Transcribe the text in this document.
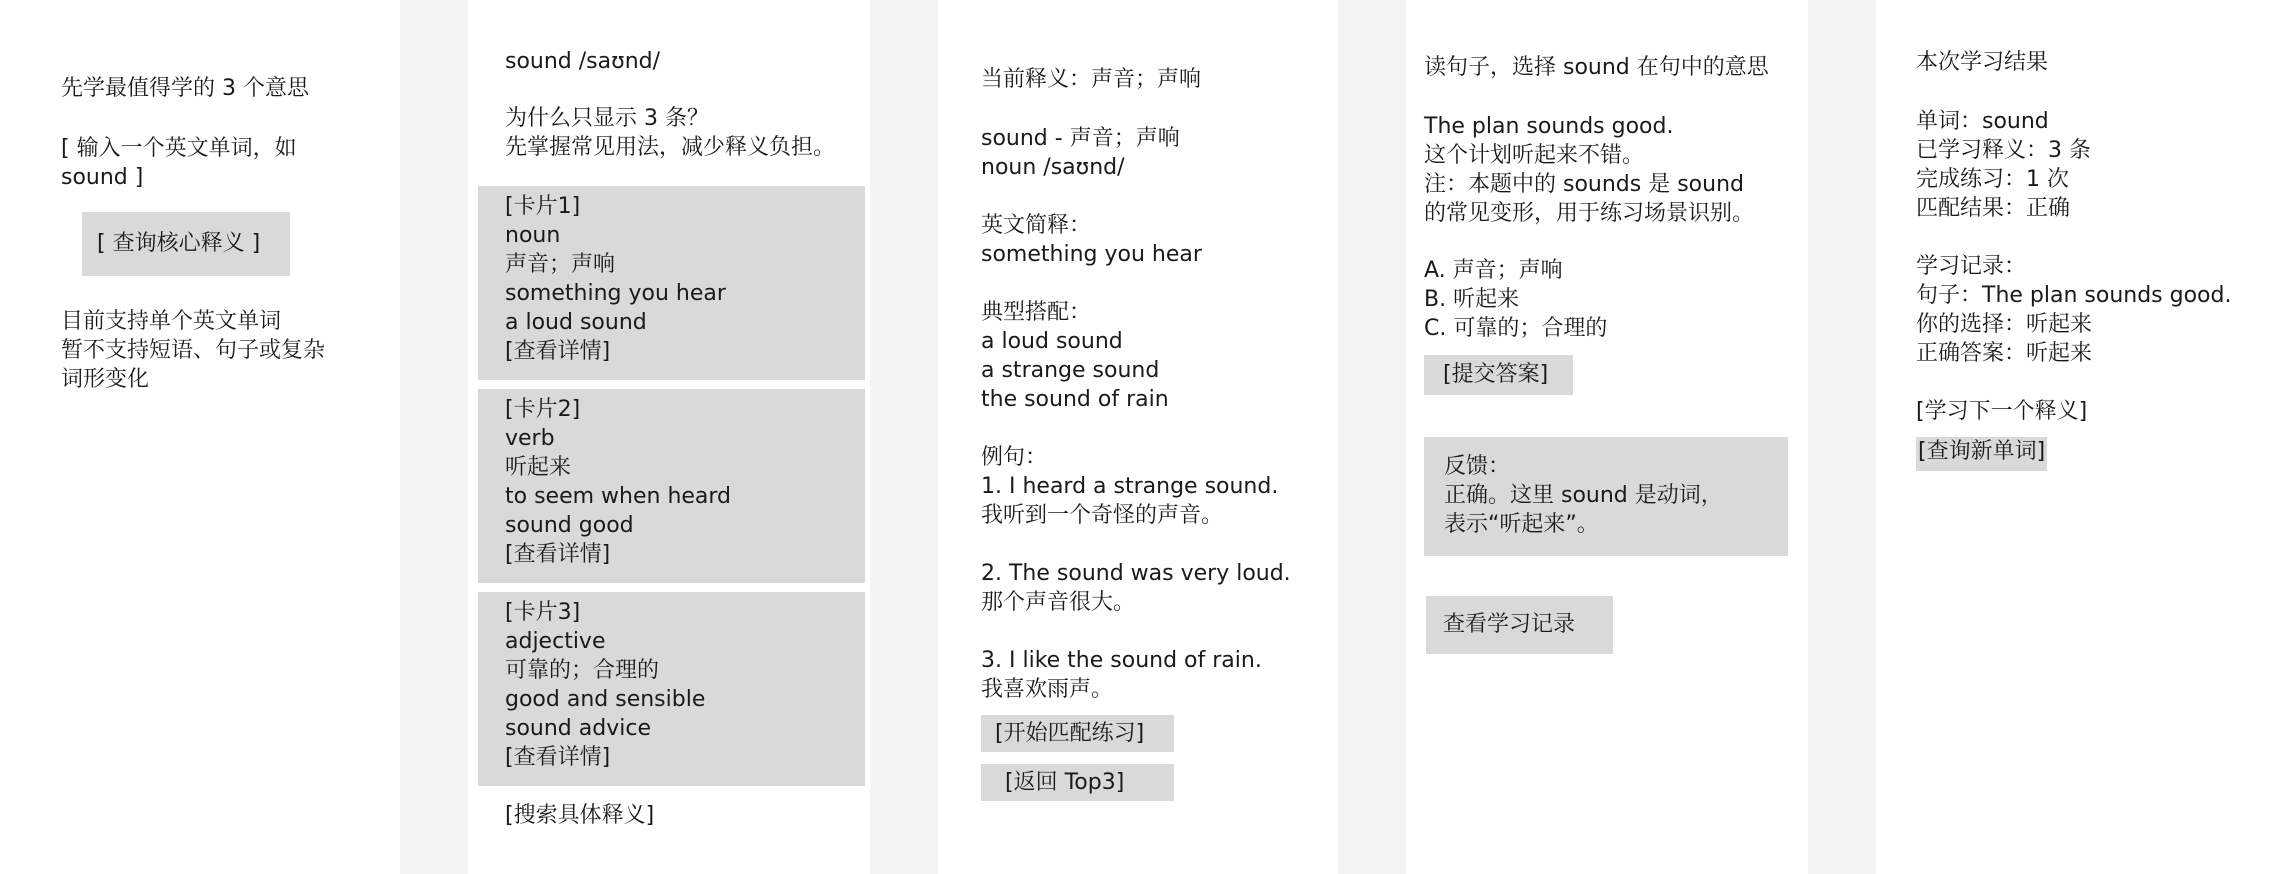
先学最值得学的 3 个意思
[ 输入一个英文单词，如
sound ]
[ 查询核心释义 ]
目前支持单个英文单词
暂不支持短语、句子或复杂
词形变化
sound /saʊnd/
为什么只显示 3 条？
先掌握常见用法，减少释义负担。
[卡片1]
noun
声音；声响
something you hear
a loud sound
[查看详情]
[卡片2]
verb
听起来
to seem when heard
sound good
[查看详情]
[卡片3]
adjective
可靠的；合理的
good and sensible
sound advice
[查看详情]
[搜索具体释义]
当前释义：声音；声响
sound - 声音；声响
noun /saʊnd/
英文简释：
something you hear
典型搭配：
a loud sound
a strange sound
the sound of rain
例句：
1. I heard a strange sound.
我听到一个奇怪的声音。
2. The sound was very loud.
那个声音很大。
3. I like the sound of rain.
我喜欢雨声。
[开始匹配练习]
[返回 Top3]
读句子，选择 sound 在句中的意思
The plan sounds good.
这个计划听起来不错。
注：本题中的 sounds 是 sound
的常见变形，用于练习场景识别。
A. 声音；声响
B. 听起来
C. 可靠的；合理的
[提交答案]
反馈：
正确。这里 sound 是动词，
表示“听起来”。
查看学习记录
本次学习结果
单词：sound
已学习释义：3 条
完成练习：1 次
匹配结果：正确
学习记录：
句子：The plan sounds good.
你的选择：听起来
正确答案：听起来
[学习下一个释义]
[查询新单词]
